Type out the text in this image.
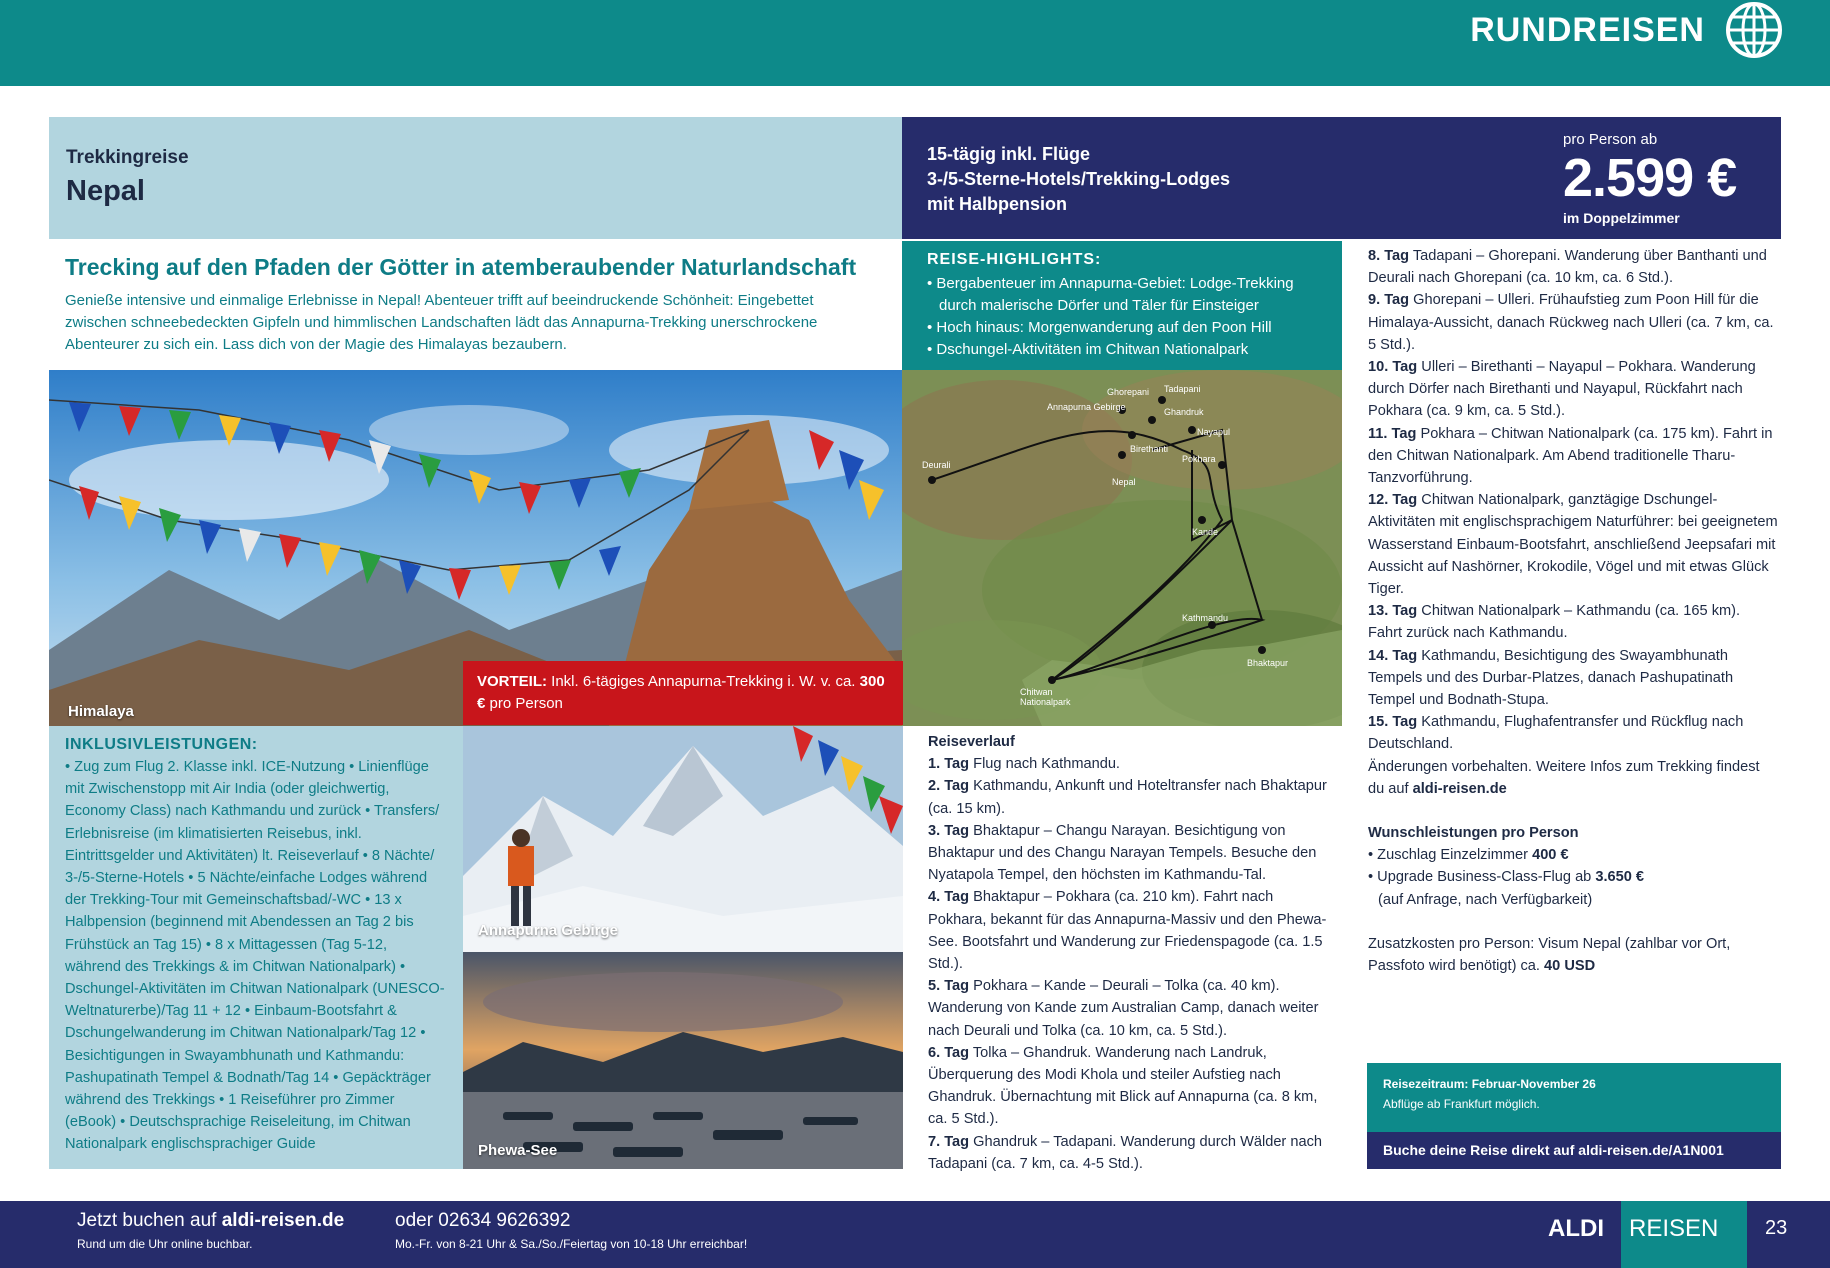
RUNDREISEN
Trekkingreise
Nepal
15-tägig inkl. Flüge
3-/5-Sterne-Hotels/Trekking-Lodges
mit Halbpension
pro Person ab
2.599 €
im Doppelzimmer
Trecking auf den Pfaden der Götter in atemberaubender Naturlandschaft
Genieße intensive und einmalige Erlebnisse in Nepal! Abenteuer trifft auf beeindruckende Schönheit: Eingebettet zwischen schneebedeckten Gipfeln und himmlischen Landschaften lädt das Annapurna-Trekking unerschrockene Abenteurer zu sich ein. Lass dich von der Magie des Himalayas bezaubern.
REISE-HIGHLIGHTS:
• Bergabenteuer im Annapurna-Gebiet: Lodge-Trekking durch malerische Dörfer und Täler für Einsteiger
• Hoch hinaus: Morgenwanderung auf den Poon Hill
• Dschungel-Aktivitäten im Chitwan Nationalpark
Himalaya
Ghorepani
Annapurna Gebirge
Tadapani
Ghandruk
Nayapul
Birethanti
Pokhara
Nepal
Deurali
Kande
Kathmandu
Bhaktapur
Chitwan
Nationalpark
VORTEIL: Inkl. 6-tägiges Annapurna-Trekking i. W. v. ca. 300 € pro Person
Annapurna Gebirge
Phewa-See
INKLUSIVLEISTUNGEN:
• Zug zum Flug 2. Klasse inkl. ICE-Nutzung • Linienflüge mit Zwischenstopp mit Air India (oder gleichwertig, Economy Class) nach Kathmandu und zurück • Transfers/ Erlebnisreise (im klimatisierten Reisebus, inkl. Eintrittsgelder und Aktivitäten) lt. Reiseverlauf • 8 Nächte/ 3-/5-Sterne-Hotels • 5 Nächte/einfache Lodges während der Trekking-Tour mit Gemeinschaftsbad/-WC • 13 x Halbpension (beginnend mit Abendessen an Tag 2 bis Frühstück an Tag 15) • 8 x Mittagessen (Tag 5-12, während des Trekkings & im Chitwan Nationalpark) • Dschungel-Aktivitäten im Chitwan Nationalpark (UNESCO-Weltnaturerbe)/Tag 11 + 12 • Einbaum-Bootsfahrt & Dschungelwanderung im Chitwan Nationalpark/Tag 12 • Besichtigungen in Swayambhunath und Kathmandu: Pashupatinath Tempel & Bodnath/Tag 14 • Gepäckträger während des Trekkings • 1 Reiseführer pro Zimmer (eBook) • Deutschsprachige Reiseleitung, im Chitwan Nationalpark englischsprachiger Guide
Reiseverlauf
1. Tag Flug nach Kathmandu.
2. Tag Kathmandu, Ankunft und Hoteltransfer nach Bhaktapur (ca. 15 km).
3. Tag Bhaktapur – Changu Narayan. Besichtigung von Bhaktapur und des Changu Narayan Tempels. Besuche den Nyatapola Tempel, den höchsten im Kathmandu-Tal.
4. Tag Bhaktapur – Pokhara (ca. 210 km). Fahrt nach Pokhara, bekannt für das Annapurna-Massiv und den Phewa-See. Bootsfahrt und Wanderung zur Friedenspagode (ca. 1.5 Std.).
5. Tag Pokhara – Kande – Deurali – Tolka (ca. 40 km). Wanderung von Kande zum Australian Camp, danach weiter nach Deurali und Tolka (ca. 10 km, ca. 5 Std.).
6. Tag Tolka – Ghandruk. Wanderung nach Landruk, Überquerung des Modi Khola und steiler Aufstieg nach Ghandruk. Übernachtung mit Blick auf Annapurna (ca. 8 km, ca. 5 Std.).
7. Tag Ghandruk – Tadapani. Wanderung durch Wälder nach Tadapani (ca. 7 km, ca. 4-5 Std.).
8. Tag Tadapani – Ghorepani. Wanderung über Banthanti und Deurali nach Ghorepani (ca. 10 km, ca. 6 Std.).
9. Tag Ghorepani – Ulleri. Frühaufstieg zum Poon Hill für die Himalaya-Aussicht, danach Rückweg nach Ulleri (ca. 7 km, ca. 5 Std.).
10. Tag Ulleri – Birethanti – Nayapul – Pokhara. Wanderung durch Dörfer nach Birethanti und Nayapul, Rückfahrt nach Pokhara (ca. 9 km, ca. 5 Std.).
11. Tag Pokhara – Chitwan Nationalpark (ca. 175 km). Fahrt in den Chitwan Nationalpark. Am Abend traditionelle Tharu-Tanzvorführung.
12. Tag Chitwan Nationalpark, ganztägige Dschungel-Aktivitäten mit englischsprachigem Naturführer: bei geeignetem Wasserstand Einbaum-Bootsfahrt, anschließend Jeepsafari mit Aussicht auf Nashörner, Krokodile, Vögel und mit etwas Glück Tiger.
13. Tag Chitwan Nationalpark – Kathmandu (ca. 165 km). Fahrt zurück nach Kathmandu.
14. Tag Kathmandu, Besichtigung des Swayambhunath Tempels und des Durbar-Platzes, danach Pashupatinath Tempel und Bodnath-Stupa.
15. Tag Kathmandu, Flughafentransfer und Rückflug nach Deutschland.
Änderungen vorbehalten. Weitere Infos zum Trekking findest du auf aldi-reisen.de
Wunschleistungen pro Person
• Zuschlag Einzelzimmer 400 €
• Upgrade Business-Class-Flug ab 3.650 €
(auf Anfrage, nach Verfügbarkeit)
Zusatzkosten pro Person: Visum Nepal (zahlbar vor Ort, Passfoto wird benötigt) ca. 40 USD
Reisezeitraum: Februar-November 26
Abflüge ab Frankfurt möglich.
Buche deine Reise direkt auf aldi-reisen.de/A1N001
Jetzt buchen auf aldi-reisen.de
Rund um die Uhr online buchbar.
oder 02634 9626392
Mo.-Fr. von 8-21 Uhr & Sa./So./Feiertag von 10-18 Uhr erreichbar!
ALDI	REISEN	23
